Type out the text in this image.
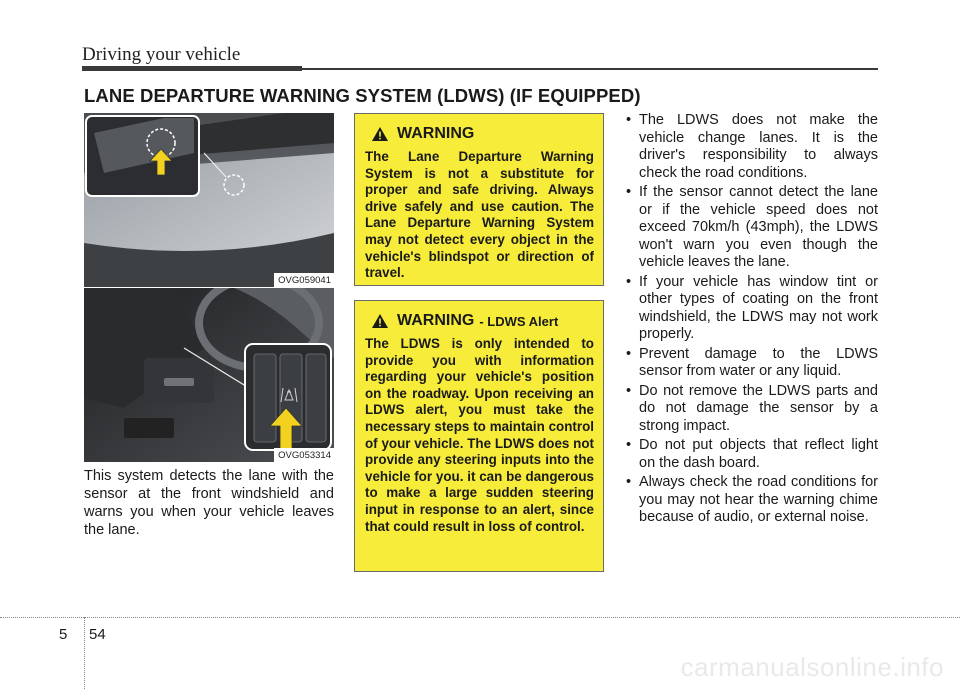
Driving your vehicle
LANE DEPARTURE WARNING SYSTEM (LDWS) (IF EQUIPPED)
OVG059041
OVG053314
This system detects the lane with the sensor at the front windshield and warns you when your vehicle leaves the lane.
WARNING
The Lane Departure Warning System is not a substitute for proper and safe driving. Always drive safely and use caution. The Lane Departure Warning System may not detect every object in the vehicle's blindspot or direction of travel.
WARNING - LDWS Alert
The LDWS is only intended to provide you with information regarding your vehicle's position on the roadway. Upon receiving an LDWS alert, you must take the necessary steps to maintain control of your vehicle. The LDWS does not provide any steering inputs into the vehicle for you. it can be dangerous to make a large sudden steering input in response to an alert, since that could result in loss of control.
• The LDWS does not make the vehicle change lanes. It is the driver's responsibility to always check the road conditions.
• If the sensor cannot detect the lane or if the vehicle speed does not exceed 70km/h (43mph), the LDWS won't warn you even though the vehicle leaves the lane.
• If your vehicle has window tint or other types of coating on the front windshield, the LDWS may not work properly.
• Prevent damage to the LDWS sensor from water or any liquid.
• Do not remove the LDWS parts and do not damage the sensor by a strong impact.
• Do not put objects that reflect light on the dash board.
• Always check the road conditions for you may not hear the warning chime because of audio, or external noise.
5 54
carmanualsonline.info
